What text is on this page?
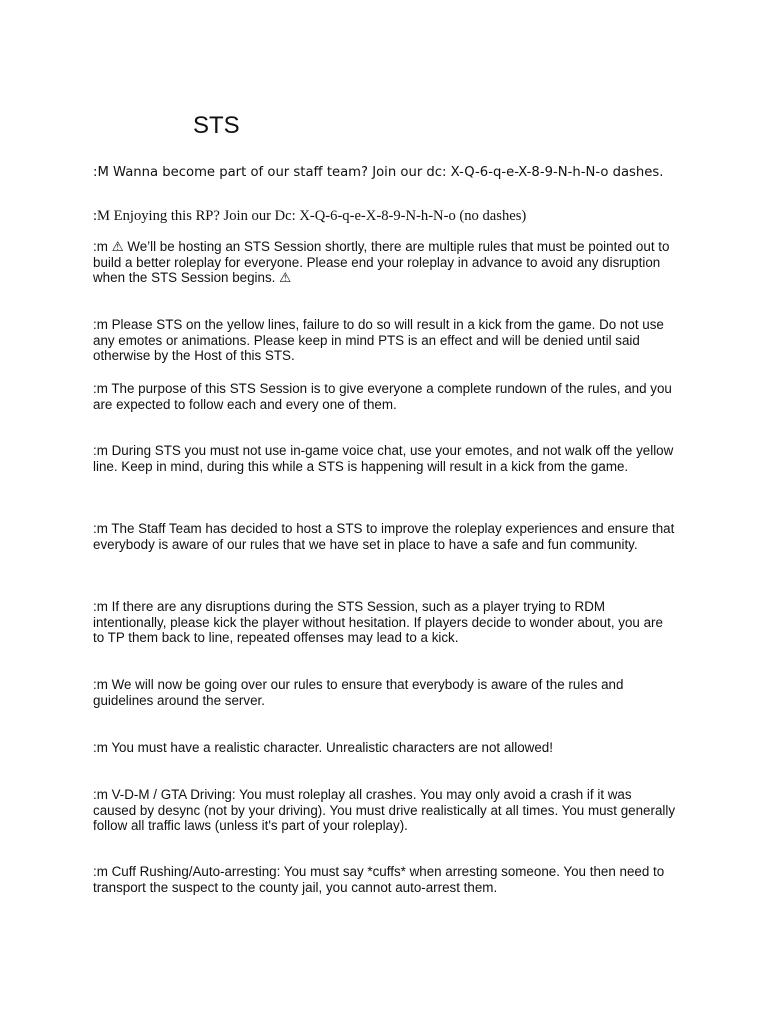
STS

:M Wanna become part of our staff team? Join our dc: X-Q-6-q-e-X-8-9-N-h-N-o dashes.

:M Enjoying this RP? Join our Dc: X-Q-6-q-e-X-8-9-N-h-N-o (no dashes)

:m ⚠ We’ll be hosting an STS Session shortly, there are multiple rules that must be pointed out to build a better roleplay for everyone. Please end your roleplay in advance to avoid any disruption when the STS Session begins. ⚠

:m Please STS on the yellow lines, failure to do so will result in a kick from the game. Do not use any emotes or animations. Please keep in mind PTS is an effect and will be denied until said otherwise by the Host of this STS.

:m The purpose of this STS Session is to give everyone a complete rundown of the rules, and you are expected to follow each and every one of them.

:m During STS you must not use in-game voice chat, use your emotes, and not walk off the yellow line. Keep in mind, during this while a STS is happening will result in a kick from the game.

:m The Staff Team has decided to host a STS to improve the roleplay experiences and ensure that everybody is aware of our rules that we have set in place to have a safe and fun community.

:m If there are any disruptions during the STS Session, such as a player trying to RDM intentionally, please kick the player without hesitation. If players decide to wonder about, you are to TP them back to line, repeated offenses may lead to a kick.

:m We will now be going over our rules to ensure that everybody is aware of the rules and guidelines around the server.

:m You must have a realistic character. Unrealistic characters are not allowed!

:m V-D-M / GTA Driving: You must roleplay all crashes. You may only avoid a crash if it was caused by desync (not by your driving). You must drive realistically at all times. You must generally follow all traffic laws (unless it's part of your roleplay).

:m Cuff Rushing/Auto-arresting: You must say *cuffs* when arresting someone. You then need to transport the suspect to the county jail, you cannot auto-arrest them.
